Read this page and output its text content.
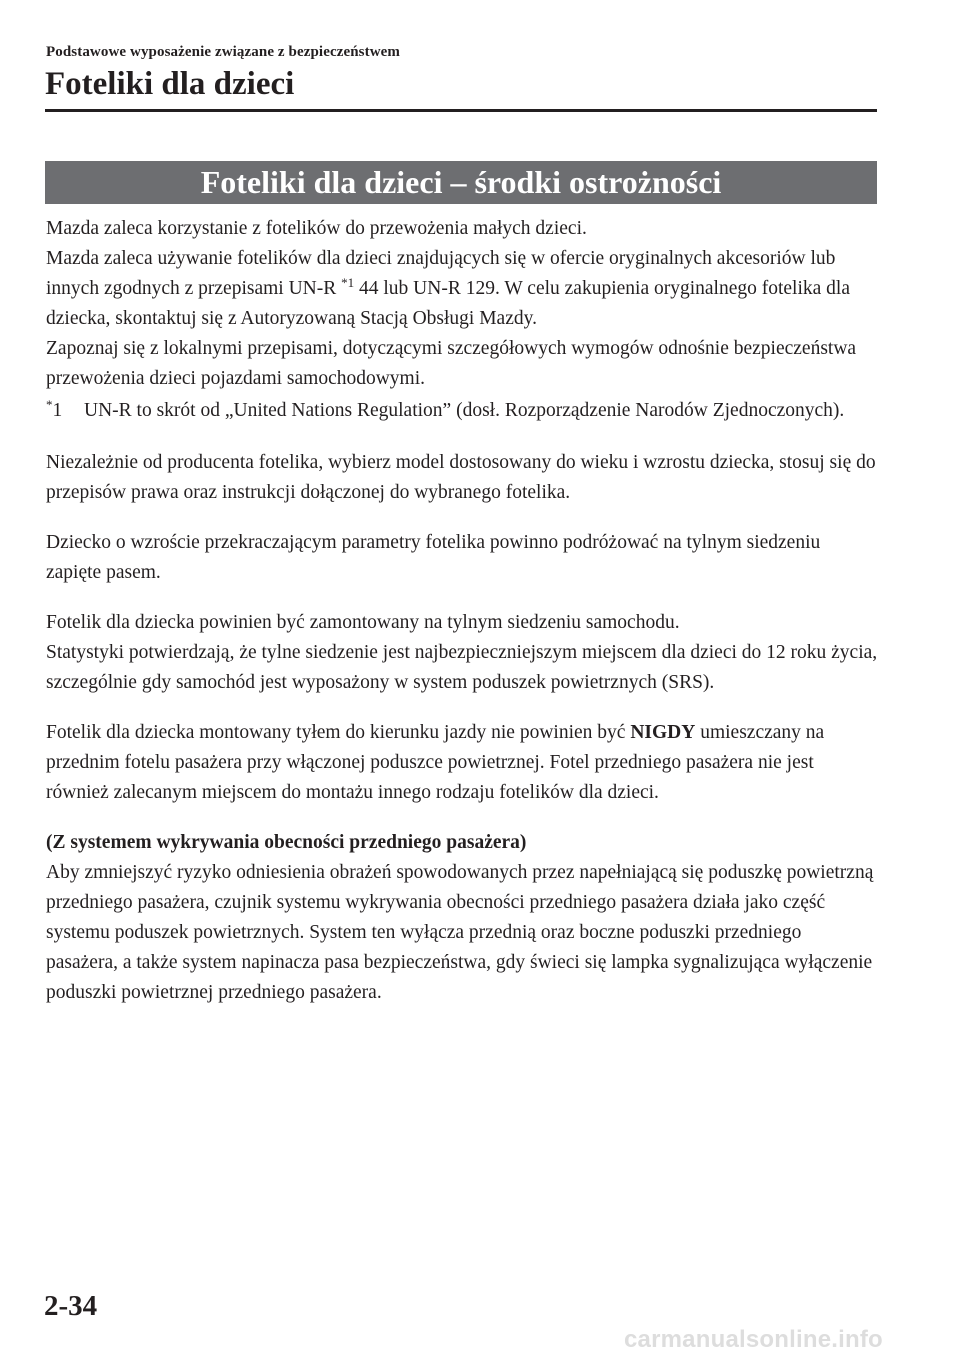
Podstawowe wyposażenie związane z bezpieczeństwem
Foteliki dla dzieci
Foteliki dla dzieci – środki ostrożności

Mazda zaleca korzystanie z fotelików do przewożenia małych dzieci.

Mazda zaleca używanie fotelików dla dzieci znajdujących się w ofercie oryginalnych akcesoriów lub innych zgodnych z przepisami UN-R $^{*1}$ 44 lub UN-R 129. W celu zakupienia oryginalnego fotelika dla dziecka, skontaktuj się z Autoryzowaną Stacją Obsługi Mazdy.

Zapoznaj się z lokalnymi przepisami, dotyczącymi szczegółowych wymogów odnośnie bezpieczeństwa przewożenia dzieci pojazdami samochodowymi.

*1	UN-R to skrót od „United Nations Regulation” (dosł. Rozporządzenie Narodów Zjednoczonych).

Niezależnie od producenta fotelika, wybierz model dostosowany do wieku i wzrostu dziecka, stosuj się do przepisów prawa oraz instrukcji dołączonej do wybranego fotelika.

Dziecko o wzroście przekraczającym parametry fotelika powinno podróżować na tylnym siedzeniu zapięte pasem.

Fotelik dla dziecka powinien być zamontowany na tylnym siedzeniu samochodu.

Statystyki potwierdzają, że tylne siedzenie jest najbezpieczniejszym miejscem dla dzieci do 12 roku życia, szczególnie gdy samochód jest wyposażony w system poduszek powietrznych (SRS).

Fotelik dla dziecka montowany tyłem do kierunku jazdy nie powinien być NIGDY umieszczany na przednim fotelu pasażera przy włączonej poduszce powietrznej. Fotel przedniego pasażera nie jest również zalecanym miejscem do montażu innego rodzaju fotelików dla dzieci.

(Z systemem wykrywania obecności przedniego pasażera)

Aby zmniejszyć ryzyko odniesienia obrażeń spowodowanych przez napełniającą się poduszkę powietrzną przedniego pasażera, czujnik systemu wykrywania obecności przedniego pasażera działa jako część systemu poduszek powietrznych. System ten wyłącza przednią oraz boczne poduszki przedniego pasażera, a także system napinacza pasa bezpieczeństwa, gdy świeci się lampka sygnalizująca wyłączenie poduszki powietrznej przedniego pasażera.

2-34
carmanualsonline.info
